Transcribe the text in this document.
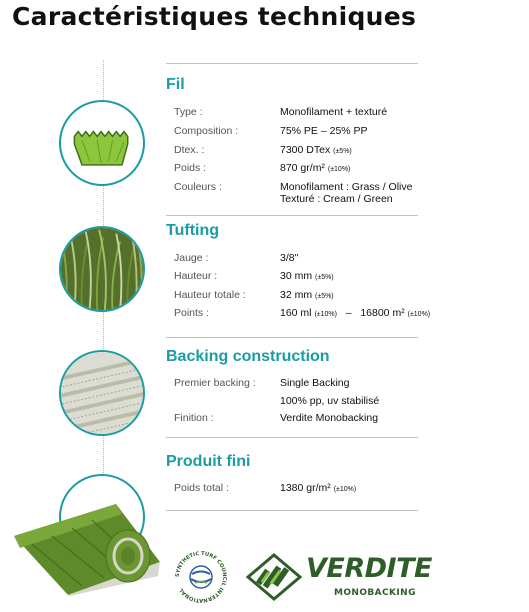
Caractéristiques techniques
Fil
Type :	Monofilament + texturé
Composition :	75% PE – 25% PP
Dtex. :	7300 DTex (±5%)
Poids :	870 gr/m² (±10%)
Couleurs :	Monofilament : Grass / Olive
Texturé : Cream / Green
Tufting
Jauge :	3/8"
Hauteur :	30 mm (±5%)
Hauteur totale :	32 mm (±5%)
Points :	160 ml (±10%) – 16800 m² (±10%)
Backing construction
Premier backing : Single Backing
100% pp, uv stabilisé
Finition :	Verdite Monobacking
Produit fini
Poids total :	1380 gr/m² (±10%)
SYNTHETIC TURF COUNCIL INTERNATIONAL
VERDITE
MONOBACKING
